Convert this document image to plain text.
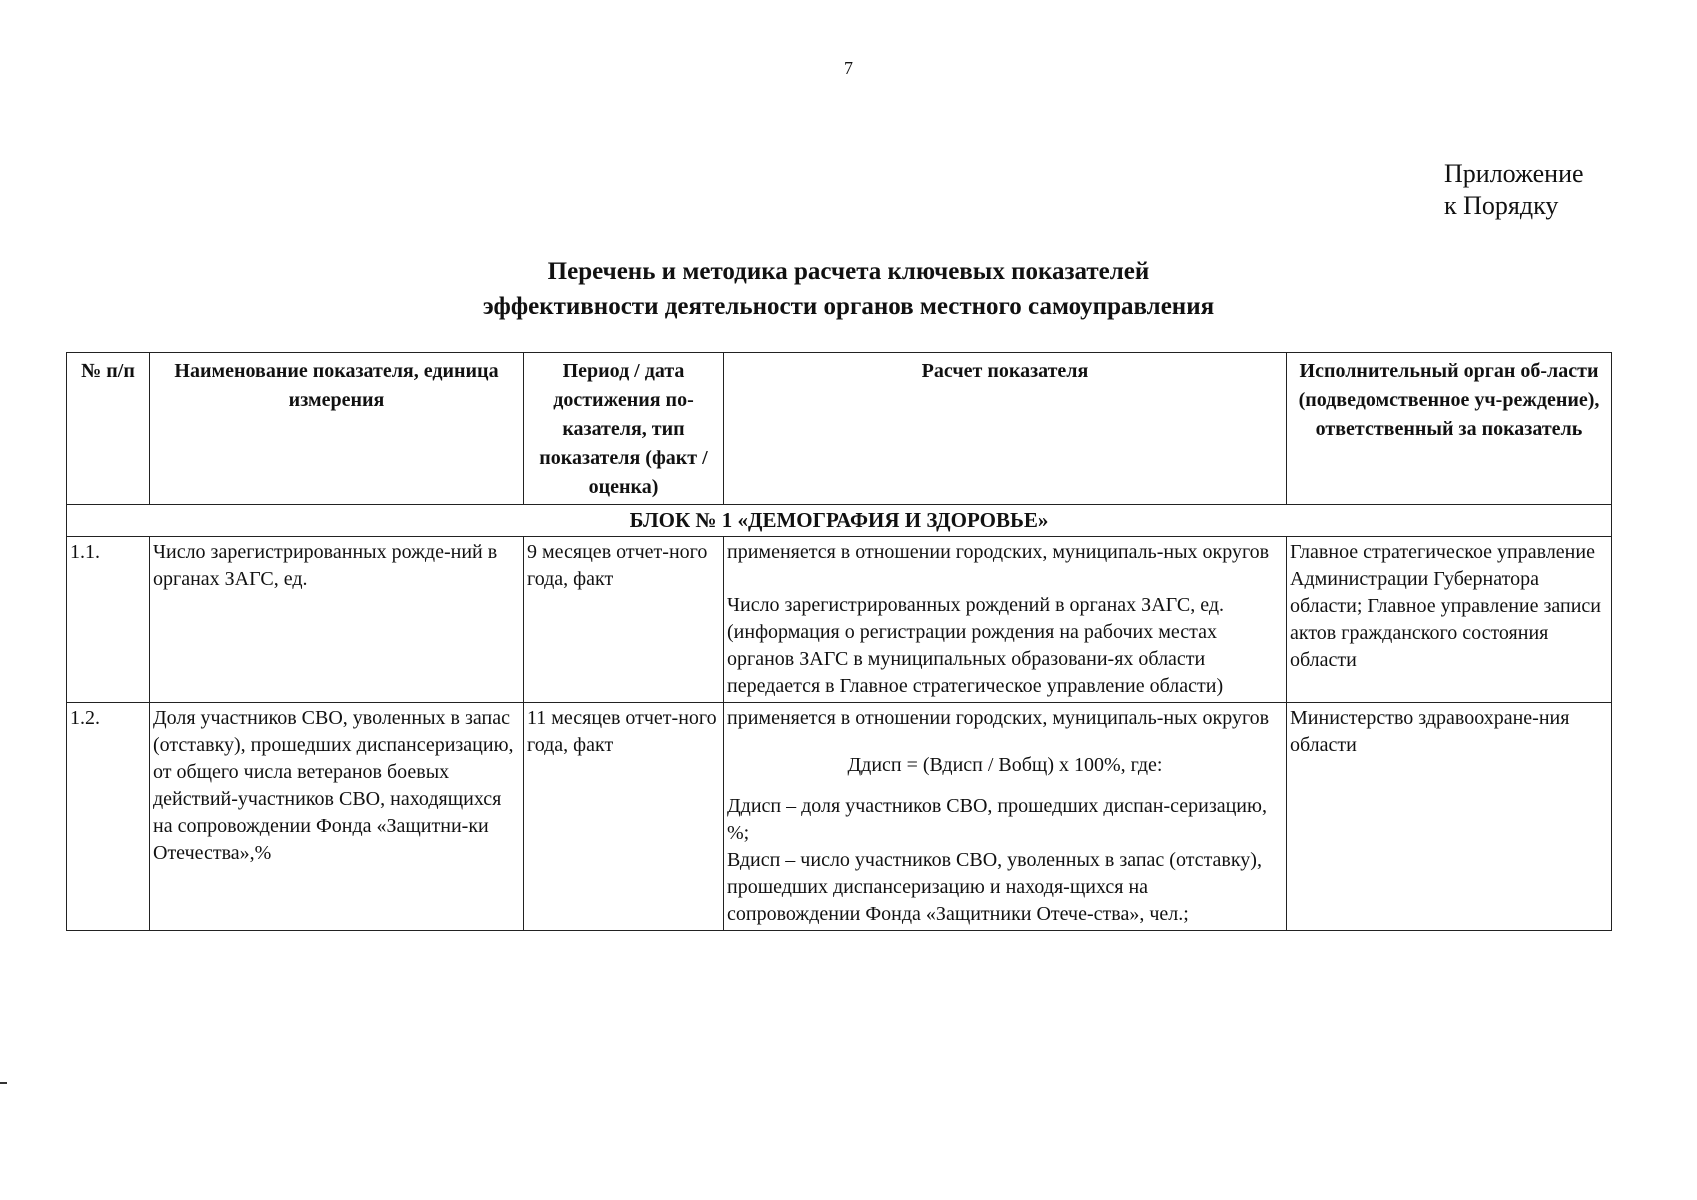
7
Приложение
к Порядку
Перечень и методика расчета ключевых показателей
эффективности деятельности органов местного самоуправления
№ п/п	Наименование показателя, единица измерения	Период / дата достижения по-казателя, тип показателя (факт / оценка)	Расчет показателя	Исполнительный орган об-ласти (подведомственное уч-реждение), ответственный за показатель
БЛОК № 1 «ДЕМОГРАФИЯ И ЗДОРОВЬЕ»				
1.1.	Число зарегистрированных рожде-ний в органах ЗАГС, ед.	9 месяцев отчет-ного года, факт	применяется в отношении городских, муниципаль-ных округов
Число зарегистрированных рождений в органах ЗАГС, ед.
(информация о регистрации рождения на рабочих местах органов ЗАГС в муниципальных образовани-ях области передается в Главное стратегическое управление области)	Главное стратегическое управление Администрации Губернатора области; Главное управление записи актов гражданского состояния области
1.2.	Доля участников СВО, уволенных в запас (отставку), прошедших диспансеризацию, от общего числа ветеранов боевых действий-участников СВО, находящихся на сопровождении Фонда «Защитни-ки Отечества»,%	11 месяцев отчет-ного года, факт	применяется в отношении городских, муниципаль-ных округов
Ддисп = (Вдисп / Вобщ) х 100%, где:
Ддисп – доля участников СВО, прошедших диспан-серизацию, %;
Вдисп – число участников СВО, уволенных в запас (отставку), прошедших диспансеризацию и находя-щихся на сопровождении Фонда «Защитники Отече-ства», чел.;	Министерство здравоохране-ния области
